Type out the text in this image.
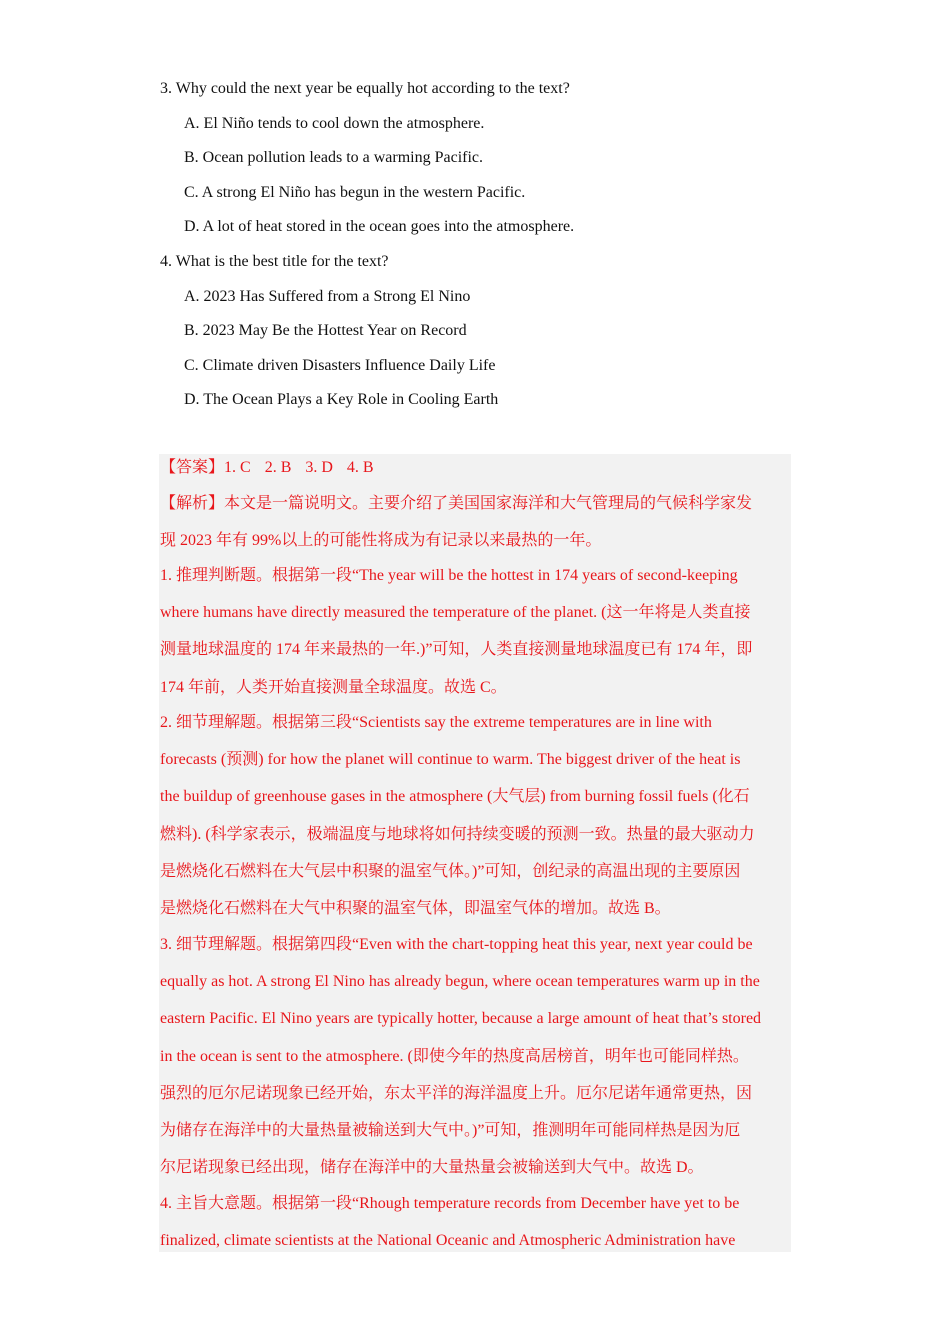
3. Why could the next year be equally hot according to the text?
A. El Niño tends to cool down the atmosphere.
B. Ocean pollution leads to a warming Pacific.
C. A strong El Niño has begun in the western Pacific.
D. A lot of heat stored in the ocean goes into the atmosphere.
4. What is the best title for the text?
A. 2023 Has Suffered from a Strong El Nino
B. 2023 May Be the Hottest Year on Record
C. Climate driven Disasters Influence Daily Life
D. The Ocean Plays a Key Role in Cooling Earth
【答案】1. C 2. B 3. D 4. B
【解析】本文是一篇说明文。主要介绍了美国国家海洋和大气管理局的气候科学家发
现 2023 年有 99%以上的可能性将成为有记录以来最热的一年。
1. 推理判断题。根据第一段“The year will be the hottest in 174 years of second-keeping
where humans have directly measured the temperature of the planet. (这一年将是人类直接
测量地球温度的 174 年来最热的一年.)”可知，人类直接测量地球温度已有 174 年，即
174 年前，人类开始直接测量全球温度。故选 C。
2. 细节理解题。根据第三段“Scientists say the extreme temperatures are in line with
forecasts (预测) for how the planet will continue to warm. The biggest driver of the heat is
the buildup of greenhouse gases in the atmosphere (大气层) from burning fossil fuels (化石
燃料). (科学家表示，极端温度与地球将如何持续变暖的预测一致。热量的最大驱动力
是燃烧化石燃料在大气层中积聚的温室气体。)”可知，创纪录的高温出现的主要原因
是燃烧化石燃料在大气中积聚的温室气体，即温室气体的增加。故选 B。
3. 细节理解题。根据第四段“Even with the chart-topping heat this year, next year could be
equally as hot. A strong El Nino has already begun, where ocean temperatures warm up in the
eastern Pacific. El Nino years are typically hotter, because a large amount of heat that’s stored
in the ocean is sent to the atmosphere. (即使今年的热度高居榜首，明年也可能同样热。
强烈的厄尔尼诺现象已经开始，东太平洋的海洋温度上升。厄尔尼诺年通常更热，因
为储存在海洋中的大量热量被输送到大气中。)”可知，推测明年可能同样热是因为厄
尔尼诺现象已经出现，储存在海洋中的大量热量会被输送到大气中。故选 D。
4. 主旨大意题。根据第一段“Rhough temperature records from December have yet to be
finalized, climate scientists at the National Oceanic and Atmospheric Administration have
